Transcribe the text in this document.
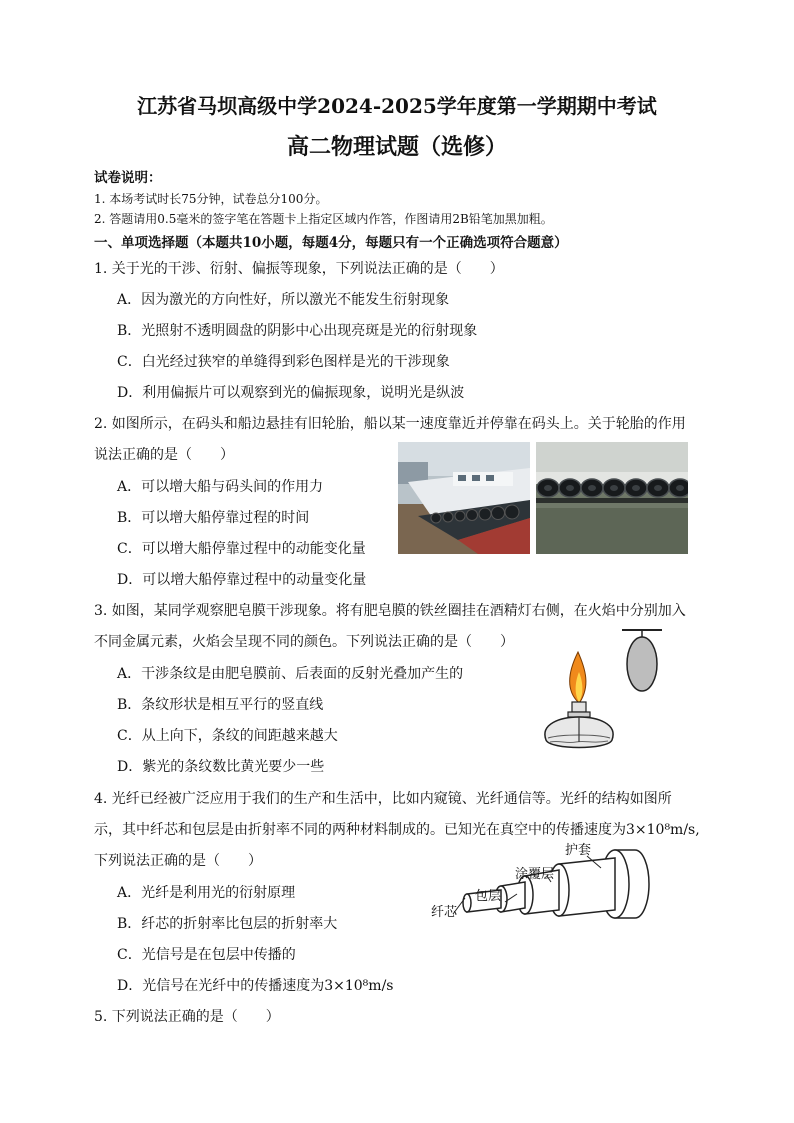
江苏省马坝高级中学2024-2025学年度第一学期期中考试
高二物理试题（选修）
试卷说明：
1. 本场考试时长75分钟，试卷总分100分。
2. 答题请用0.5毫米的签字笔在答题卡上指定区域内作答，作图请用2B铅笔加黑加粗。
一、单项选择题（本题共10小题，每题4分，每题只有一个正确选项符合题意）
1. 关于光的干涉、衍射、偏振等现象，下列说法正确的是（　　）
A．因为激光的方向性好，所以激光不能发生衍射现象
B．光照射不透明圆盘的阴影中心出现亮斑是光的衍射现象
C．白光经过狭窄的单缝得到彩色图样是光的干涉现象
D．利用偏振片可以观察到光的偏振现象，说明光是纵波
2. 如图所示，在码头和船边悬挂有旧轮胎，船以某一速度靠近并停靠在码头上。关于轮胎的作用
说法正确的是（　　）
A．可以增大船与码头间的作用力
B．可以增大船停靠过程的时间
C．可以增大船停靠过程中的动能变化量
D．可以增大船停靠过程中的动量变化量
3. 如图，某同学观察肥皂膜干涉现象。将有肥皂膜的铁丝圈挂在酒精灯右侧，在火焰中分别加入
不同金属元素，火焰会呈现不同的颜色。下列说法正确的是（　　）
A．干涉条纹是由肥皂膜前、后表面的反射光叠加产生的
B．条纹形状是相互平行的竖直线
C．从上向下，条纹的间距越来越大
D．紫光的条纹数比黄光要少一些
4. 光纤已经被广泛应用于我们的生产和生活中，比如内窥镜、光纤通信等。光纤的结构如图所
示，其中纤芯和包层是由折射率不同的两种材料制成的。已知光在真空中的传播速度为3×10⁸m/s,
下列说法正确的是（　　）
A．光纤是利用光的衍射原理
B．纤芯的折射率比包层的折射率大
C．光信号是在包层中传播的
D．光信号在光纤中的传播速度为3×10⁸m/s
护套
涂覆层
包层
纤芯
5. 下列说法正确的是（　　）
